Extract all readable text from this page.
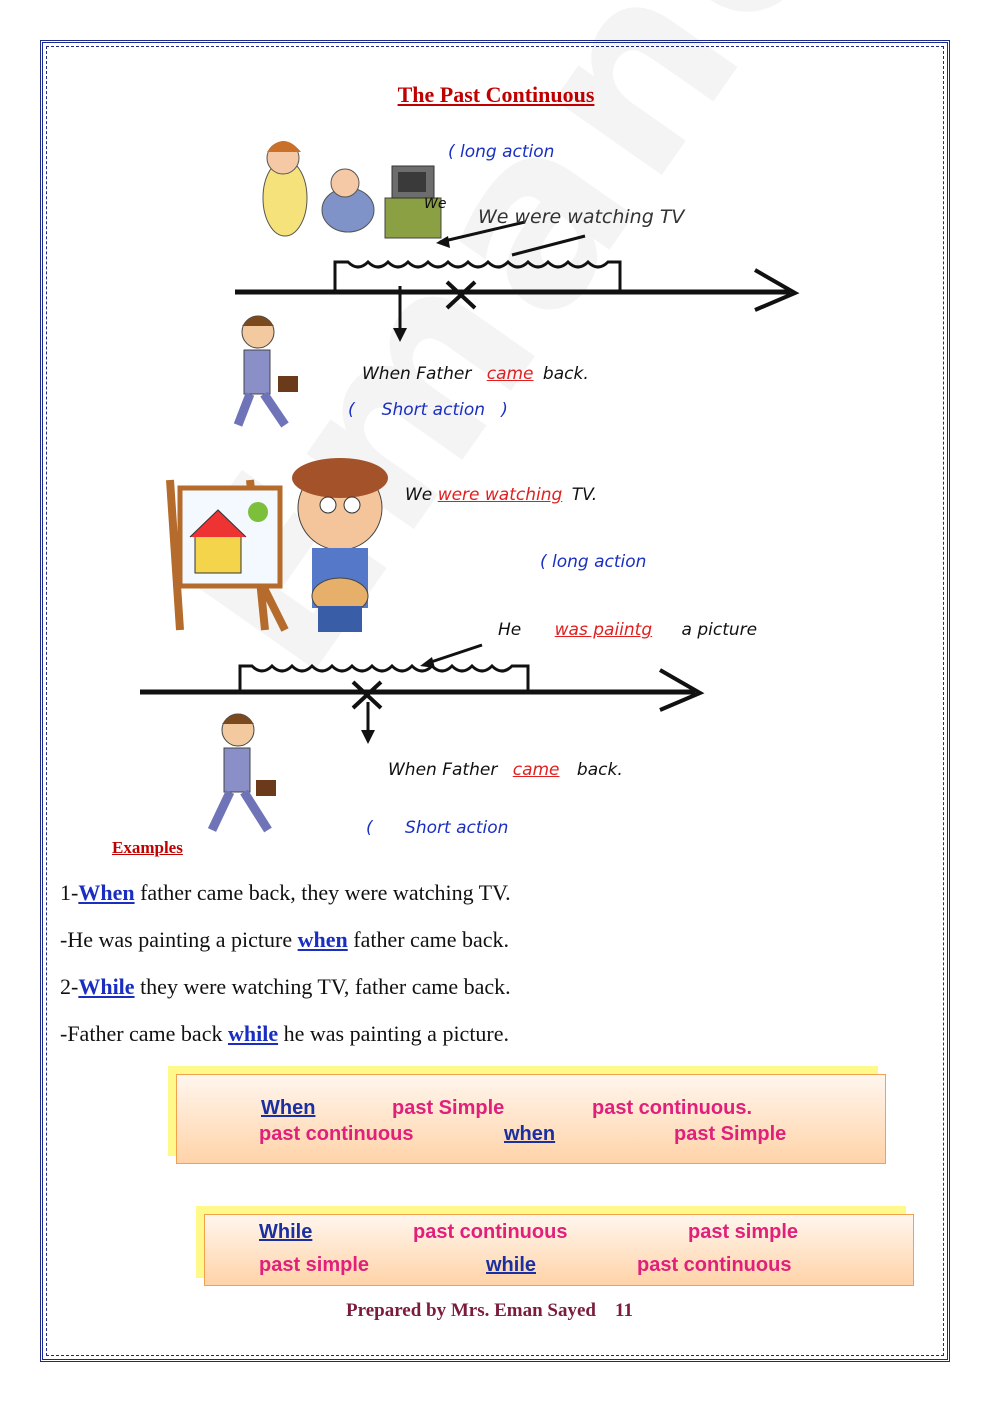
The Past Continuous
( long action
We
We were watching TV
When Father came back.
(     Short action   )
We were watching TV.
( long action
He was paiintg a picture
When Father came back.
(      Short action
Examples
1-When father came back, they were watching TV.
-He was painting a picture when father came back.
2-While they were watching TV, father came back.
-Father came back while he was painting a picture.
When	past Simple	past continuous.
past continuous	when	past Simple
While	past continuous	past simple
past simple	while	past continuous
Prepared by Mrs. Eman Sayed    11
